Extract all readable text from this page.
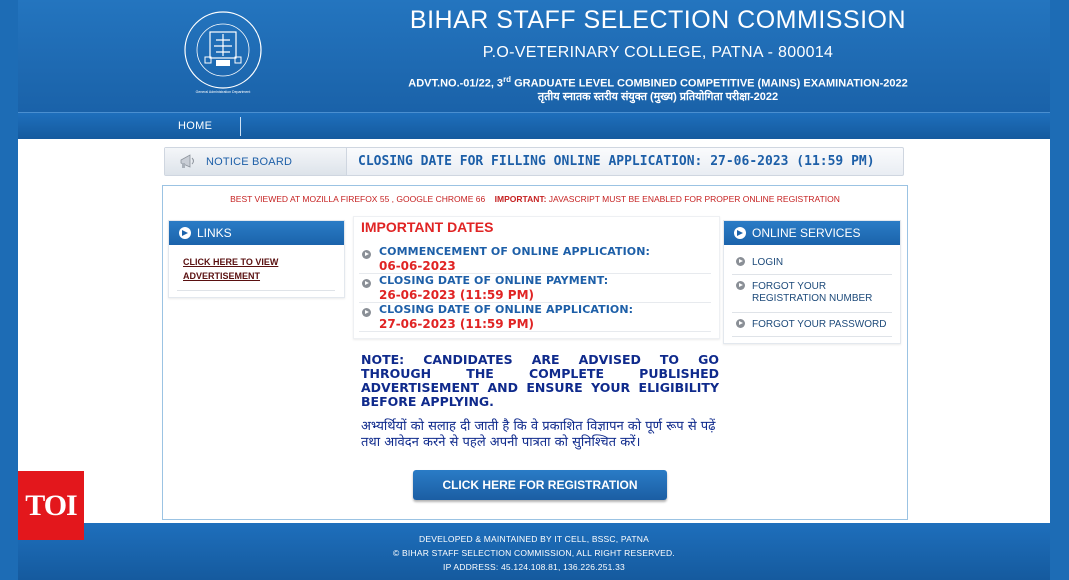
General Administration Department
BIHAR STAFF SELECTION COMMISSION
P.O-VETERINARY COLLEGE, PATNA - 800014
ADVT.NO.-01/22, 3rd GRADUATE LEVEL COMBINED COMPETITIVE (MAINS) EXAMINATION-2022
तृतीय स्नातक स्तरीय संयुक्त (मुख्य) प्रतियोगिता परीक्षा-2022
HOME
NOTICE BOARD	CLOSING DATE FOR FILLING ONLINE APPLICATION: 27-06-2023 (11:59 PM)
BEST VIEWED AT MOZILLA FIREFOX 55 , GOOGLE CHROME 66 IMPORTANT: JAVASCRIPT MUST BE ENABLED FOR PROPER ONLINE REGISTRATION
LINKS
CLICK HERE TO VIEW ADVERTISEMENT
IMPORTANT DATES
COMMENCEMENT OF ONLINE APPLICATION:
06-06-2023
CLOSING DATE OF ONLINE PAYMENT:
26-06-2023 (11:59 PM)
CLOSING DATE OF ONLINE APPLICATION:
27-06-2023 (11:59 PM)
NOTE: CANDIDATES ARE ADVISED TO GO THROUGH THE COMPLETE PUBLISHED ADVERTISEMENT AND ENSURE YOUR ELIGIBILITY BEFORE APPLYING.
अभ्यर्थियों को सलाह दी जाती है कि वे प्रकाशित विज्ञापन को पूर्ण रूप से पढ़ें तथा आवेदन करने से पहले अपनी पात्रता को सुनिश्चित करें।
CLICK HERE FOR REGISTRATION
ONLINE SERVICES
LOGIN
FORGOT YOUR REGISTRATION NUMBER
FORGOT YOUR PASSWORD
DEVELOPED & MAINTAINED BY IT CELL, BSSC, PATNA
© BIHAR STAFF SELECTION COMMISSION, ALL RIGHT RESERVED.
IP ADDRESS: 45.124.108.81, 136.226.251.33
TOI
